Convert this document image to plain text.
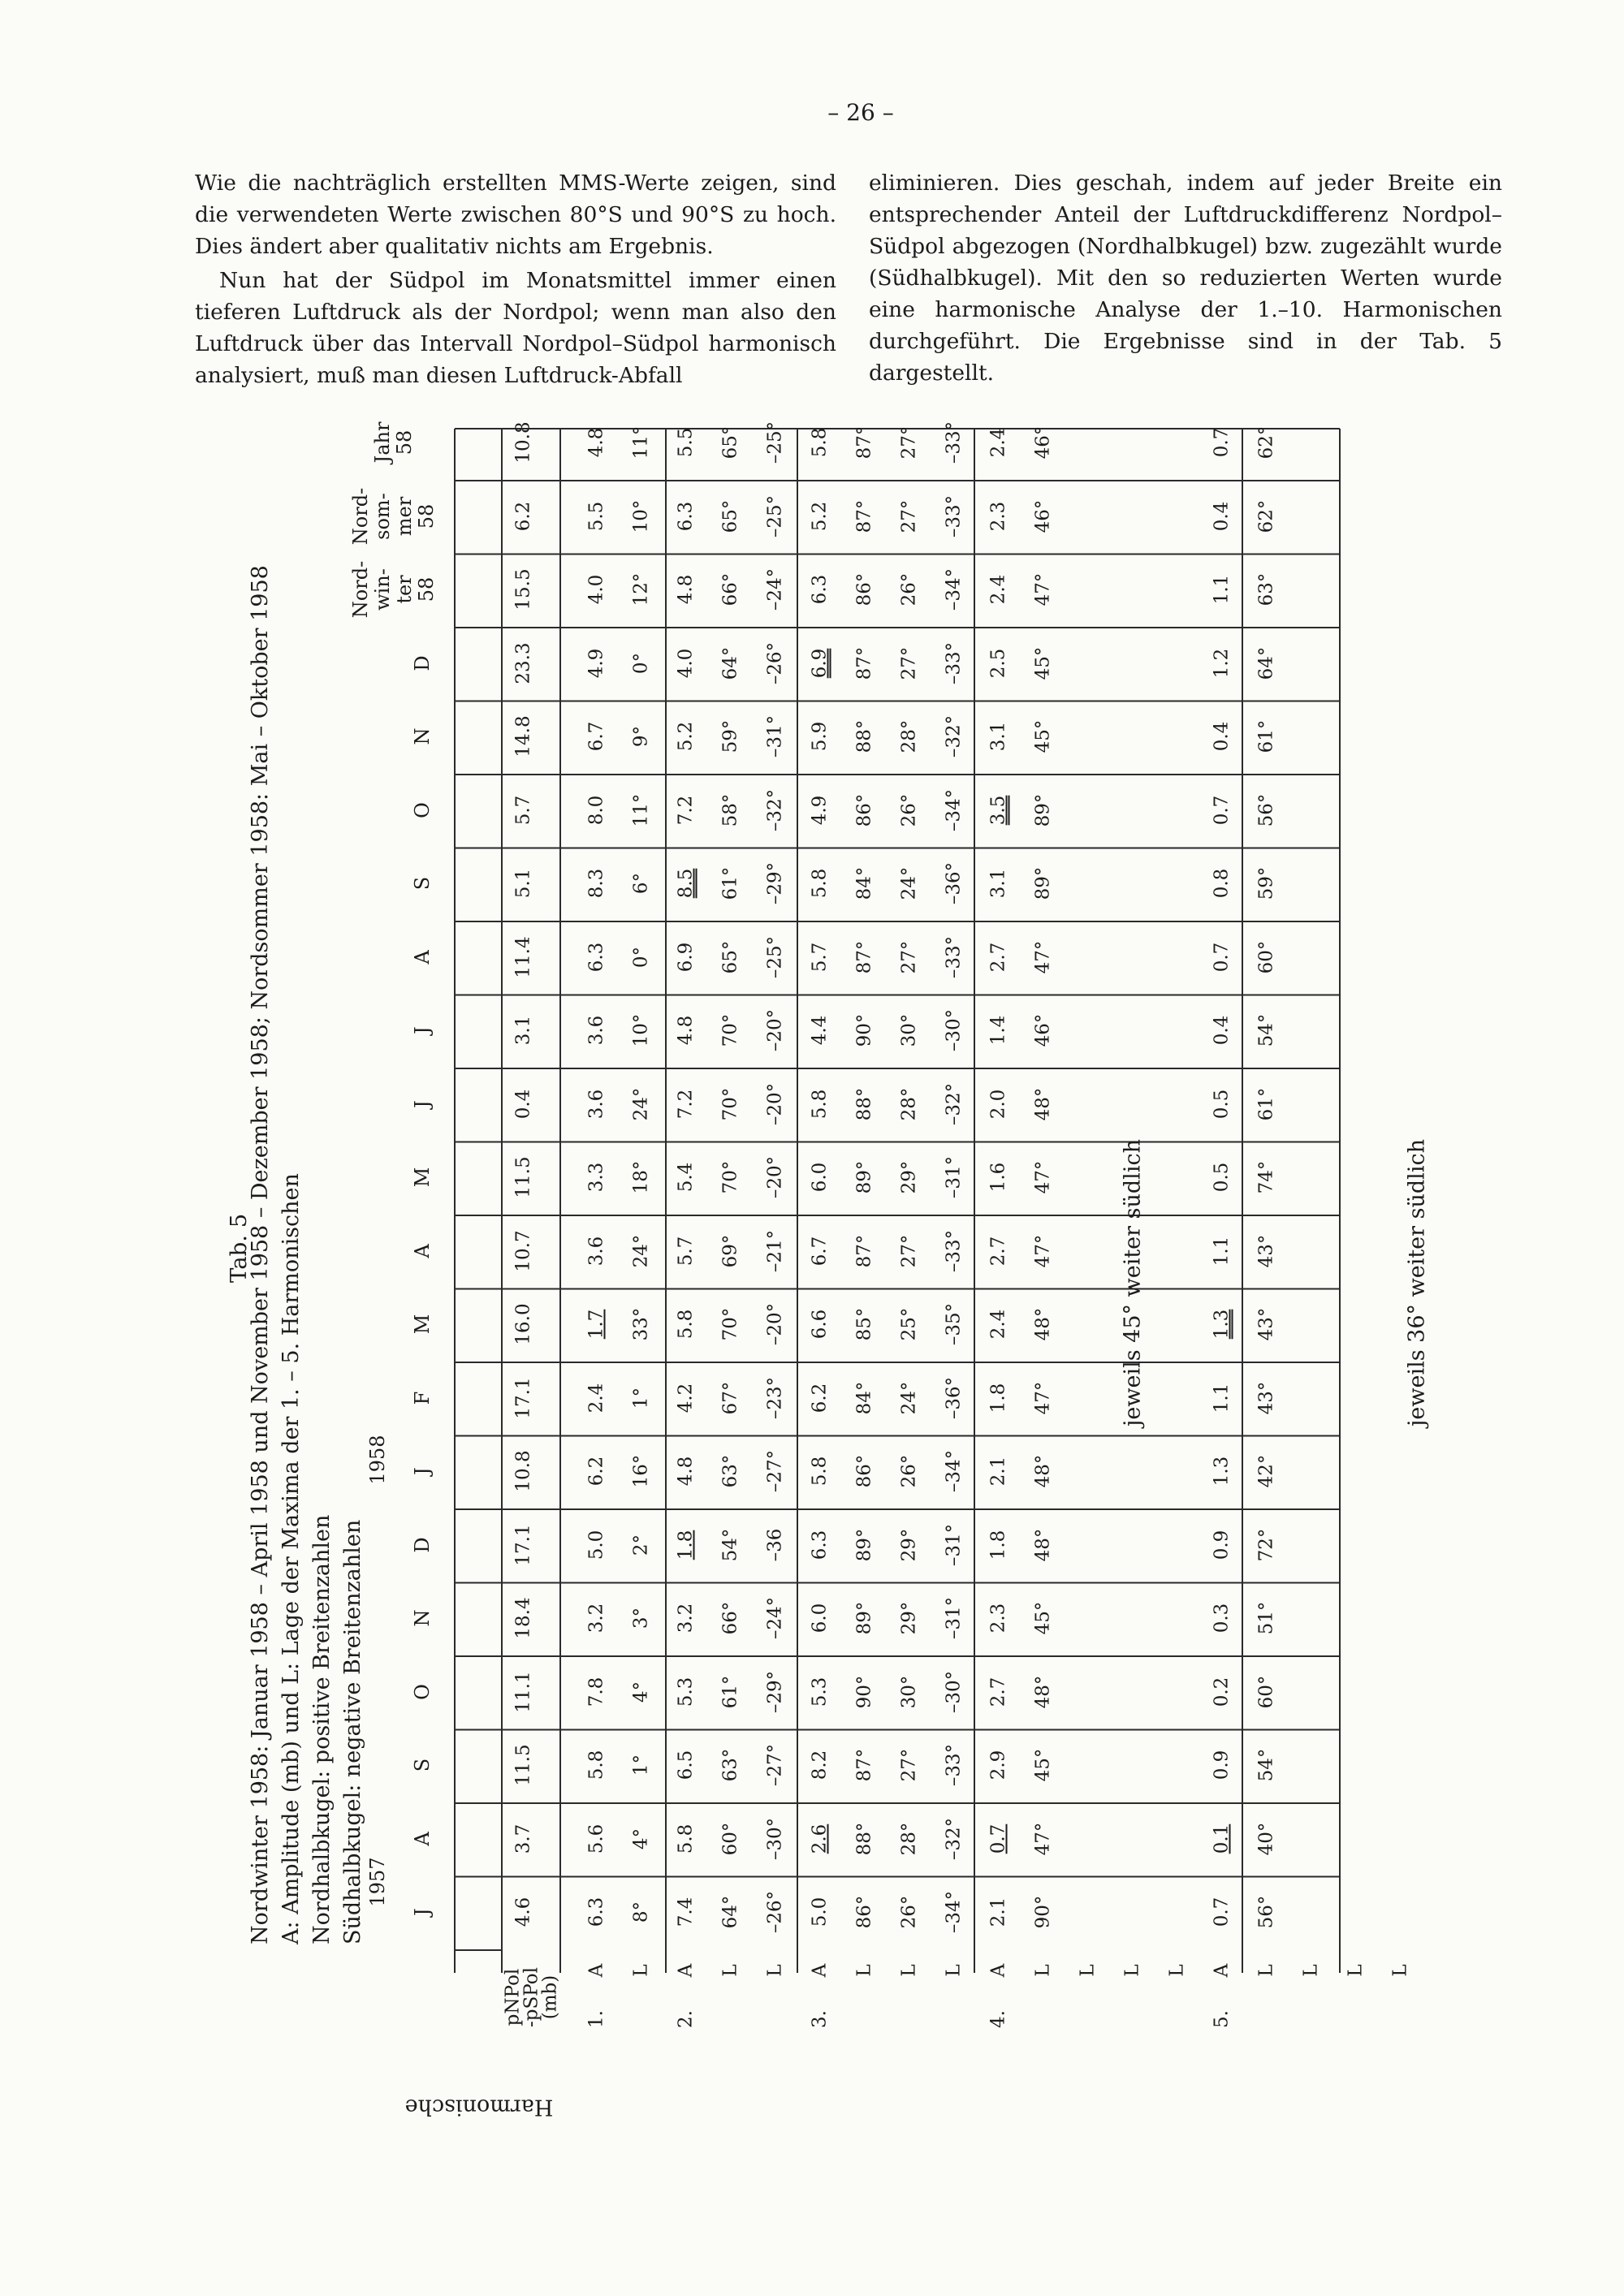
– 26 –

Wie die nachträglich erstellten MMS-Werte zeigen, sind die verwendeten Werte zwischen 80°S und 90°S zu hoch. Dies ändert aber qualitativ nichts am Ergebnis.

Nun hat der Südpol im Monatsmittel immer einen tieferen Luftdruck als der Nordpol; wenn man also den Luftdruck über das Intervall Nordpol–Südpol harmonisch analysiert, muß man diesen Luftdruck-Abfall

eliminieren. Dies geschah, indem auf jeder Breite ein entsprechender Anteil der Luftdruckdifferenz Nordpol–Südpol abgezogen (Nordhalbkugel) bzw. zugezählt wurde (Südhalbkugel). Mit den so reduzierten Werten wurde eine harmonische Analyse der 1.–10. Harmonischen durchgeführt. Die Ergebnisse sind in der Tab. 5 dargestellt.

Tab. 5
Nordwinter 1958: Januar 1958 – April 1958 und November 1958 – Dezember 1958; Nordsommer 1958: Mai – Oktober 1958 A: Amplitude (mb) und L: Lage der Maxima der 1. – 5. Harmonischen Nordhalbkugel: positive Breitenzahlen Südhalbkugel: negative Breitenzahlen J
A
S
O
N
D
J
F
M
A
M
J
J
A
S
O
N
D
Nord- win- ter 58
Nord- som- mer 58
Jahr 58
1957
1958
pNPol
-pSPol
(mb) 1.
A L
2.
A L L
3.
A L L L
4.
A L L L L
5.
A L L L L
Harmonische
4.6
3.7
11.5
11.1
18.4
17.1
10.8
17.1
16.0
10.7
11.5
0.4
3.1
11.4
5.1
5.7
14.8
23.3
15.5
6.2
10.8
6.3
5.6
5.8
7.8
3.2
5.0
6.2
2.4
1.7
3.6
3.3
3.6
3.6
6.3
8.3
8.0
6.7
4.9
4.0
5.5
4.8
8°
4°
1°
4°
3°
2°
16°
1°
33°
24°
18°
24°
10°
0°
6°
11°
9°
0°
12°
10°
11°
7.4
5.8
6.5
5.3
3.2
1.8
4.8
4.2
5.8
5.7
5.4
7.2
4.8
6.9
8.5
7.2
5.2
4.0
4.8
6.3
5.5
64°
60°
63°
61°
66°
54°
63°
67°
70°
69°
70°
70°
70°
65°
61°
58°
59°
64°
66°
65°
65°
–26°
–30°
–27°
–29°
–24°
–36
–27°
–23°
–20°
–21°
–20°
–20°
–20°
–25°
–29°
–32°
–31°
–26°
–24°
–25°
–25°
5.0
2.6
8.2
5.3
6.0
6.3
5.8
6.2
6.6
6.7
6.0
5.8
4.4
5.7
5.8
4.9
5.9
6.9
6.3
5.2
5.8
86°
88°
87°
90°
89°
89°
86°
84°
85°
87°
89°
88°
90°
87°
84°
86°
88°
87°
86°
87°
87°
26°
28°
27°
30°
29°
29°
26°
24°
25°
27°
29°
28°
30°
27°
24°
26°
28°
27°
26°
27°
27°
–34°
–32°
–33°
–30°
–31°
–31°
–34°
–36°
–35°
–33°
–31°
–32°
–30°
–33°
–36°
–34°
–32°
–33°
–34°
–33°
–33°
2.1
0.7
2.9
2.7
2.3
1.8
2.1
1.8
2.4
2.7
1.6
2.0
1.4
2.7
3.1
3.5
3.1
2.5
2.4
2.3
2.4
90°
47°
45°
48°
45°
48°
48°
47°
48°
47°
47°
48°
46°
47°
89°
89°
45°
45°
47°
46°
46°
0.7
0.1
0.9
0.2
0.3
0.9
1.3
1.1
1.3
1.1
0.5
0.5
0.4
0.7
0.8
0.7
0.4
1.2
1.1
0.4
0.7
56°
40°
54°
60°
51°
72°
42°
43°
43°
43°
74°
61°
54°
60°
59°
56°
61°
64°
63°
62°
62°
jeweils 45° weiter südlich	jeweils 36° weiter südlich
